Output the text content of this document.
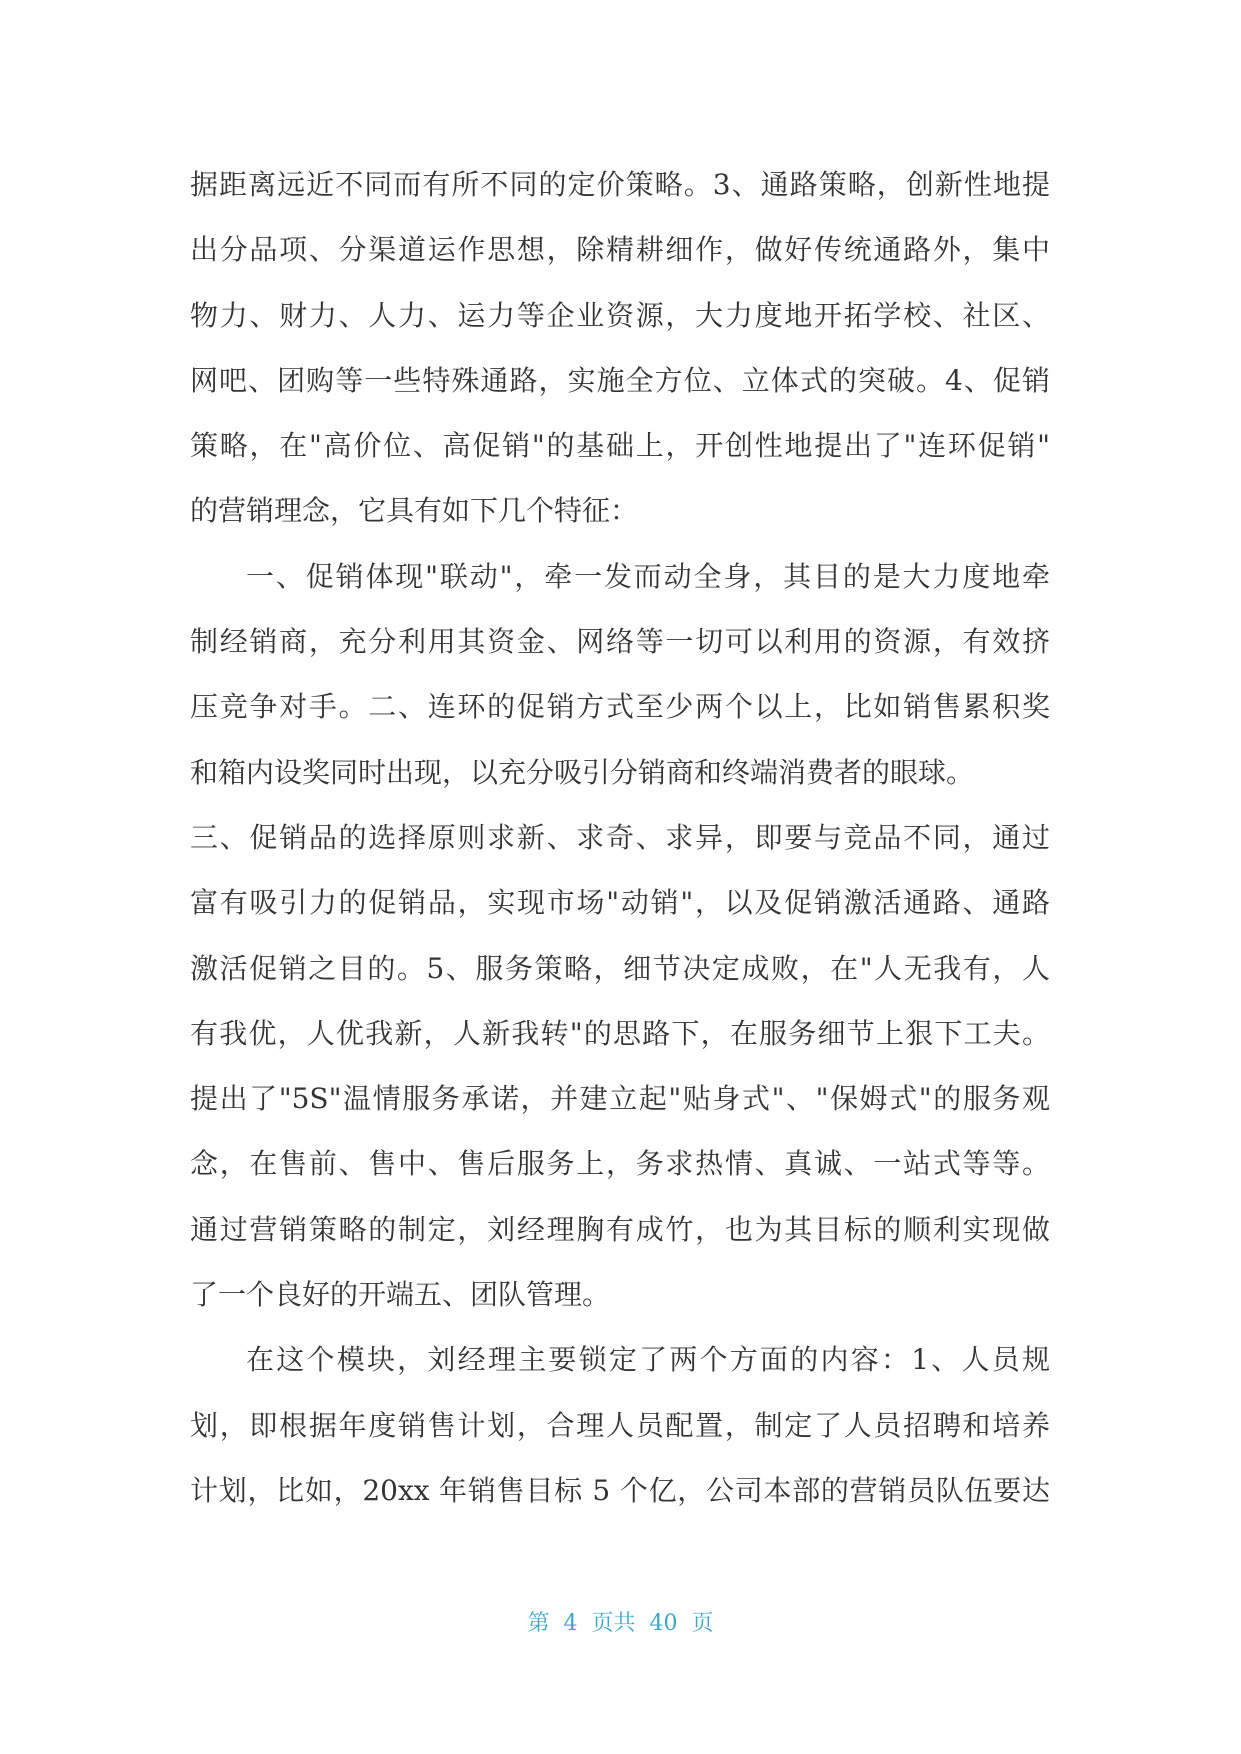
据距离远近不同而有所不同的定价策略。3、通路策略，创新性地提
出分品项、分渠道运作思想，除精耕细作，做好传统通路外，集中
物力、财力、人力、运力等企业资源，大力度地开拓学校、社区、
网吧、团购等一些特殊通路，实施全方位、立体式的突破。4、促销
策略，在"高价位、高促销"的基础上，开创性地提出了"连环促销"
的营销理念，它具有如下几个特征：
一、促销体现"联动"，牵一发而动全身，其目的是大力度地牵
制经销商，充分利用其资金、网络等一切可以利用的资源，有效挤
压竞争对手。二、连环的促销方式至少两个以上，比如销售累积奖
和箱内设奖同时出现，以充分吸引分销商和终端消费者的眼球。
三、促销品的选择原则求新、求奇、求异，即要与竞品不同，通过
富有吸引力的促销品，实现市场"动销"，以及促销激活通路、通路
激活促销之目的。5、服务策略，细节决定成败，在"人无我有，人
有我优，人优我新，人新我转"的思路下，在服务细节上狠下工夫。
提出了"5S"温情服务承诺，并建立起"贴身式"、"保姆式"的服务观
念，在售前、售中、售后服务上，务求热情、真诚、一站式等等。
通过营销策略的制定，刘经理胸有成竹，也为其目标的顺利实现做
了一个良好的开端五、团队管理。
在这个模块，刘经理主要锁定了两个方面的内容：1、人员规
划，即根据年度销售计划，合理人员配置，制定了人员招聘和培养
计划，比如，20xx 年销售目标 5 个亿，公司本部的营销员队伍要达
第  4  页共  40  页
